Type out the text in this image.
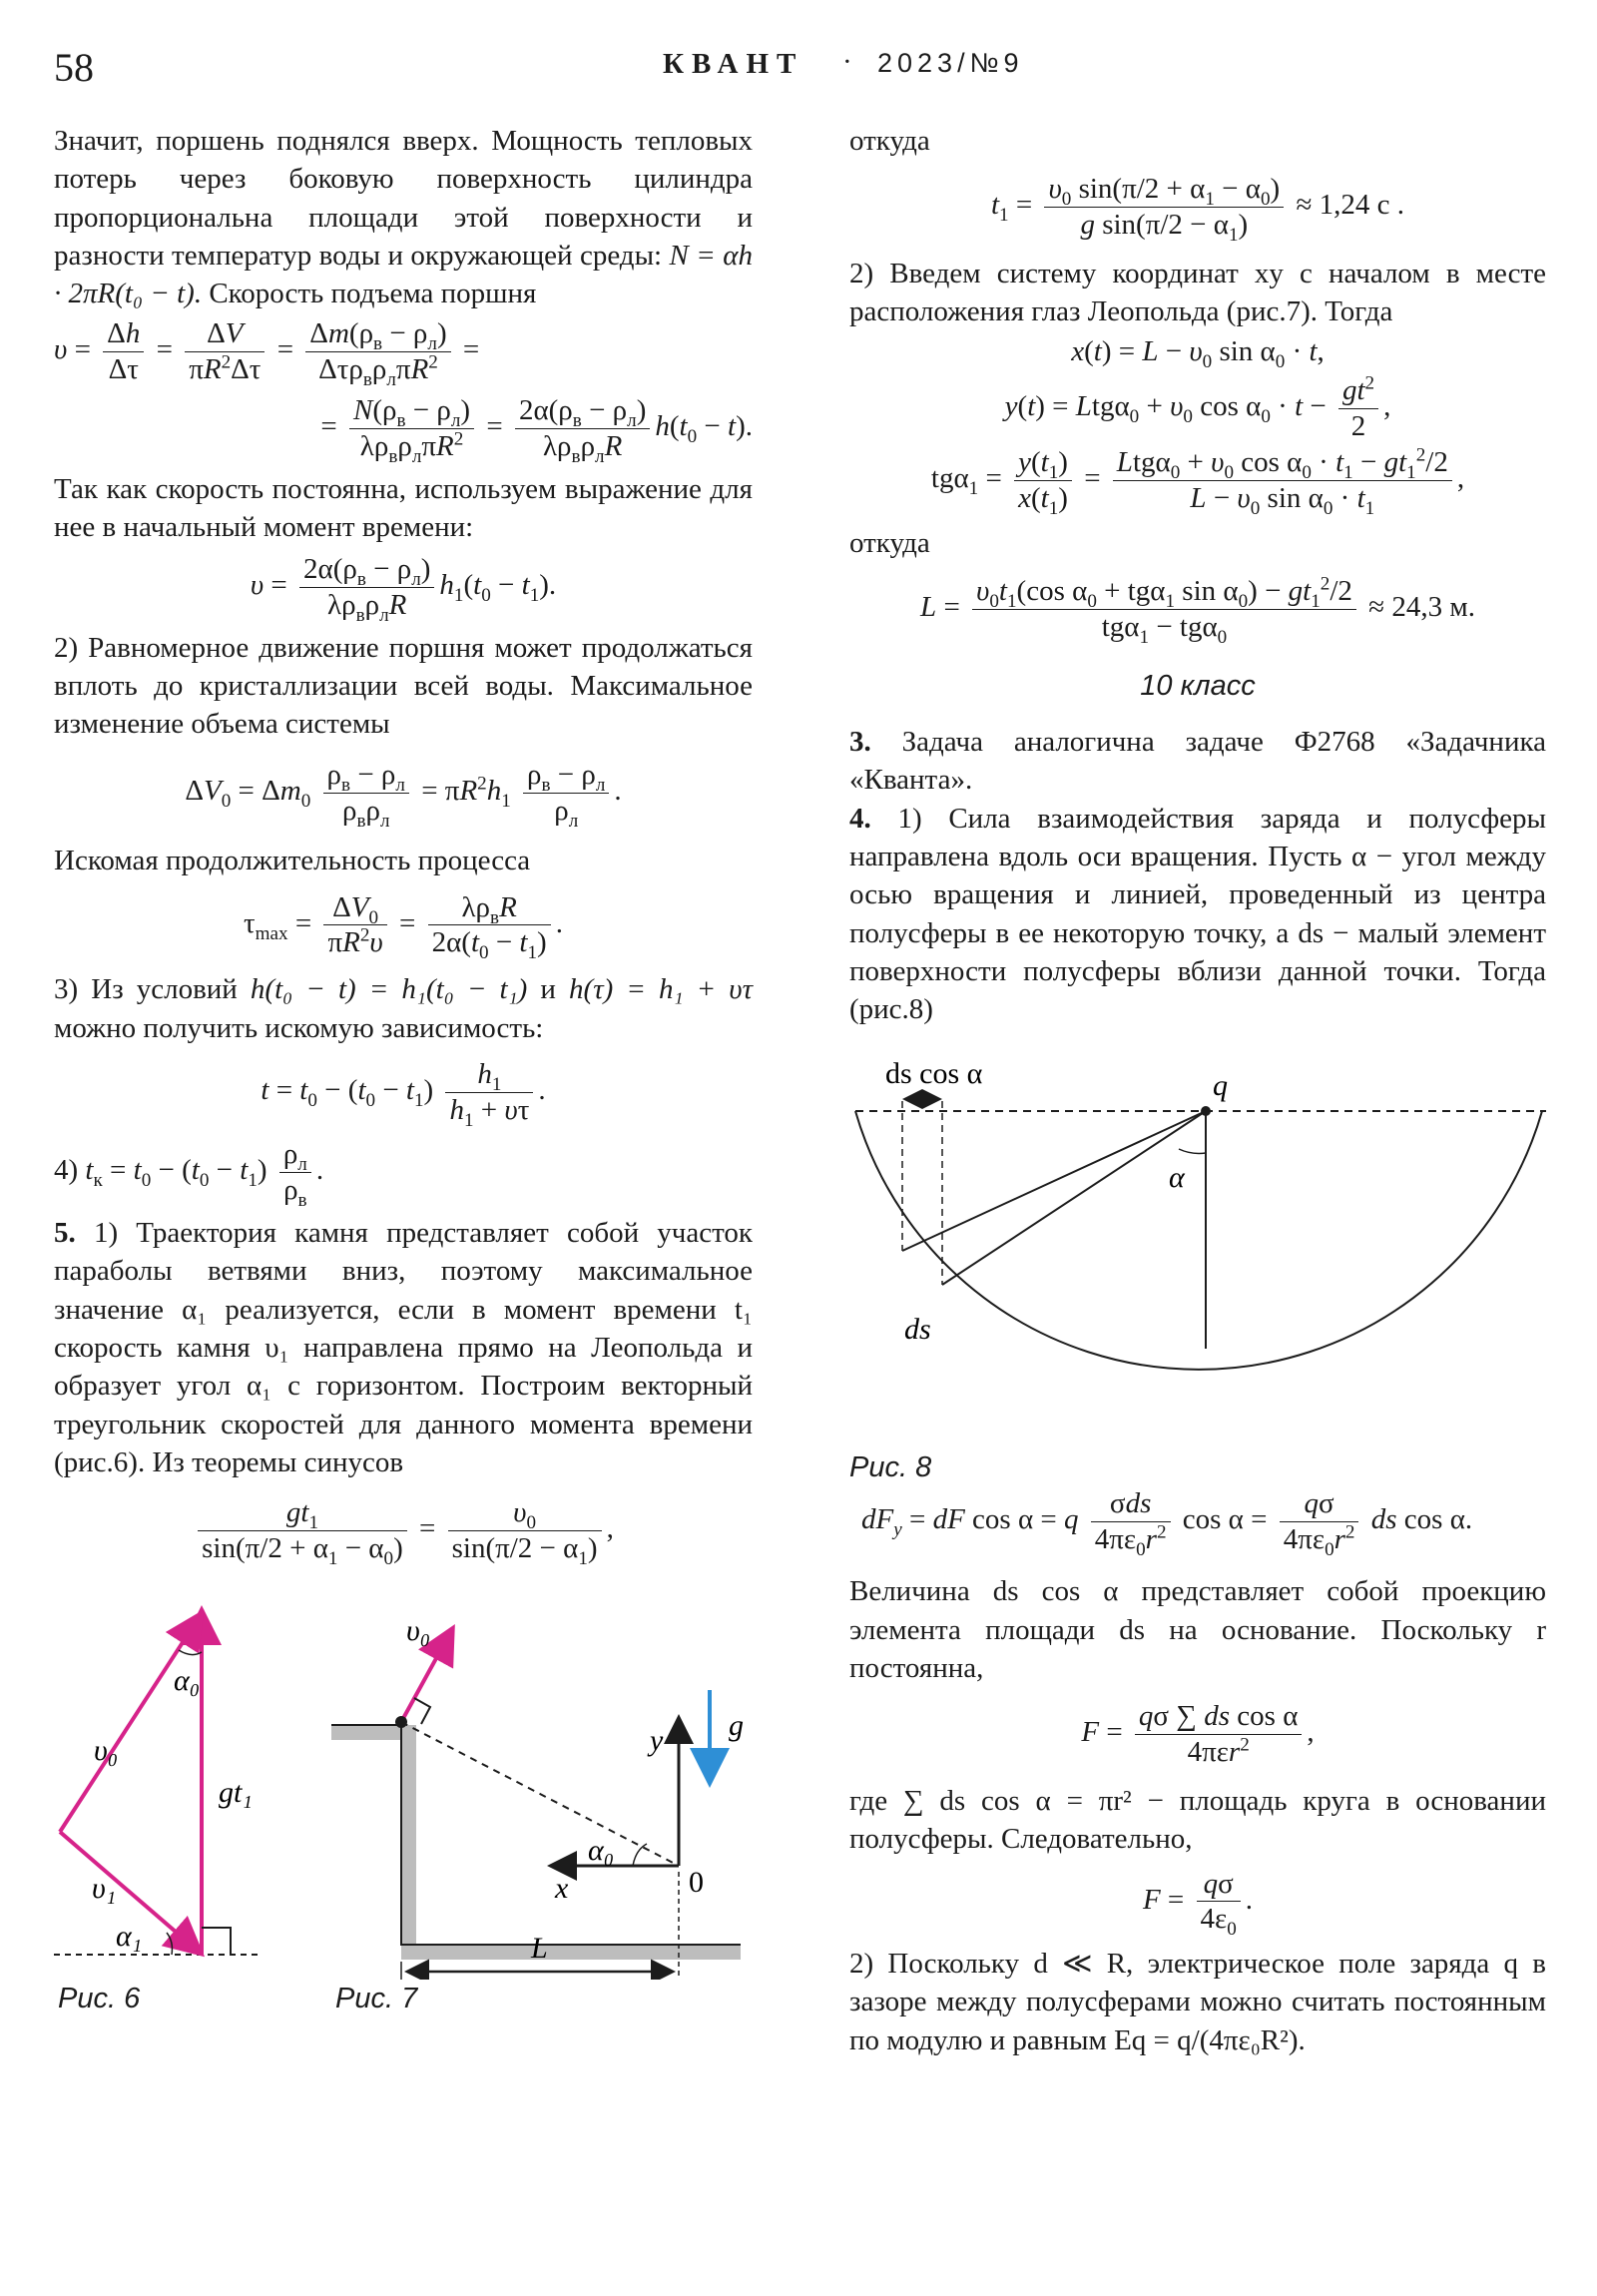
58	КВАНТ · 2023/№9

Значит, поршень поднялся вверх. Мощность тепловых потерь через боковую поверхность цилиндра пропорциональна площади этой поверхности и разности температур воды и окружающей среды: N = αh · 2πR(t₀ − t). Скорость подъема поршня

$\upsilon = \frac{\Delta h}{\Delta\tau} = \frac{\Delta V}{\pi R^2\Delta\tau} = \frac{\Delta m(\rho_в - \rho_л)}{\Delta\tau\rho_в\rho_л\pi R^2}$ =
= $\frac{N(\rho_в - \rho_л)}{\lambda\rho_в\rho_л\pi R^2} = \frac{2\alpha(\rho_в - \rho_л)}{\lambda\rho_в\rho_лR} h(t_0 - t)$.

Так как скорость постоянна, используем выражение для нее в начальный момент времени:

$\upsilon = \frac{2\alpha(\rho_в - \rho_л)}{\lambda\rho_в\rho_лR} h_1(t_0 - t_1)$.

2) Равномерное движение поршня может продолжаться вплоть до кристаллизации всей воды. Максимальное изменение объема системы

$\Delta V_0 = \Delta m_0 \frac{\rho_в - \rho_л}{\rho_в\rho_л} = \pi R^2h_1 \frac{\rho_в - \rho_л}{\rho_л}$ .

Искомая продолжительность процесса

$\tau_{max} = \frac{\Delta V_0}{\pi R^2\upsilon} = \frac{\lambda\rho_вR}{2\alpha(t_0 - t_1)}$ .

3) Из условий h(t₀ − t) = h₁(t₀ − t₁) и h(τ) = h₁ + υτ можно получить искомую зависимость:

$t = t_0 - (t_0 - t_1) \frac{h_1}{h_1 + \upsilon\tau}$ .
4) $t_к = t_0 - (t_0 - t_1) \frac{\rho_л}{\rho_в}$ .

5. 1) Траектория камня представляет собой участок параболы ветвями вниз, поэтому максимальное значение α₁ реализуется, если в момент времени t₁ скорость камня υ₁ направлена прямо на Леопольда и образует угол α₁ с горизонтом. Построим векторный треугольник скоростей для данного момента времени (рис.6). Из теоремы синусов

$\frac{gt_1}{\sin(\pi/2 + \alpha_1 - \alpha_0)} = \frac{\upsilon_0}{\sin(\pi/2 - \alpha_1)}$ ,
υ₀
α₀
gt₁
υ₁
α₁
υ₀
y g
α₀
x	0
L
Рис. 6	Рис. 7

откуда

$t_1 = \frac{\upsilon_0 \sin(\pi/2 + \alpha_1 - \alpha_0)}{g \sin(\pi/2 - \alpha_1)} \approx 1,24$ с .

2) Введем систему координат xy с началом в месте расположения глаз Леопольда (рис.7). Тогда

$x(t) = L - \upsilon_0$ $\sin \alpha_0 \cdot t$,
$y(t) = Ltg\alpha_0 + \upsilon_0$ $\cos \alpha_0 \cdot t - \frac{gt^2}{2}$ ,
$tg\alpha_1 = \frac{y(t_1)}{x(t_1)} = \frac{Ltg\alpha_0 + \upsilon_0 \cos \alpha_0 \cdot t_1 - gt_1^2/2}{L - \upsilon_0 \sin \alpha_0 \cdot t_1}$ ,

откуда

$L = \frac{\upsilon_0t_1(\cos \alpha_0 + tg\alpha_1 \sin \alpha_0) - gt_1^2/2}{tg\alpha_1 - tg\alpha_0} \approx 24,3$ м.
10 класс

3. Задача аналогична задаче Ф2768 «Задачника «Кванта».

4. 1) Сила взаимодействия заряда и полусферы направлена вдоль оси вращения. Пусть α − угол между осью вращения и линией, проведенный из центра полусферы в ее некоторую точку, а ds − малый элемент поверхности полусферы вблизи данной точки. Тогда (рис.8)

ds cos α	q
α
ds
Рис. 8
$dF_y$ = dF cos α = q $\frac{\text{σds}}{4\pi\varepsilon_0r^2}$ $\cos \alpha = \frac{q\sigma}{4\pi\varepsilon_0r^2}$ ds cos α.

Величина ds cos α представляет собой проекцию элемента площади ds на основание. Поскольку r постоянна,

$F = \frac{\text{qσ ∑ ds cos α}}{4\pi\varepsilon r^2}$ ,

где ∑ ds cos α = πr² − площадь круга в основании полусферы. Следовательно,

$F = \frac{q\sigma}{4\varepsilon_0}$ .

2) Поскольку d ≪ R, электрическое поле заряда q в зазоре между полусферами можно считать постоянным по модулю и равным Eq = q/(4πε₀R²).
